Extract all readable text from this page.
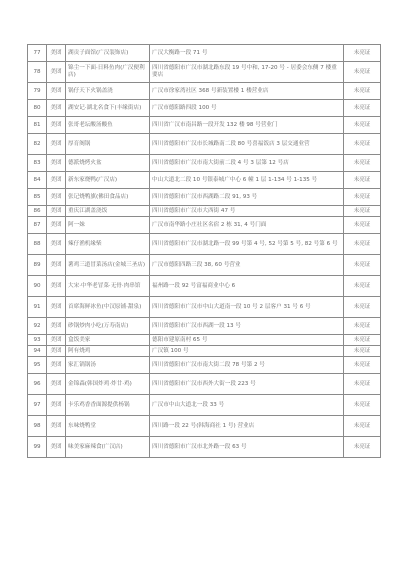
77	美团	湖贡子面馆(广汉装饰店)	广汉大衡路一段 71 号	未亮证
78	美团	锦尘一下面·日料鱼肉(广汉便利店)	四川省德阳市广汉市湖北路东段 19 号中和, 17-20 号 - 居委会东侧 7 楼重要店	未亮证
79	美团	锅仔天下火锅盖浇	广汉市徐家湾社区 368 号新装置楼 1 楼营业店	未亮证
80	美团	湖安记·湖北名食下(丰缘街店)	广汉市德阳路四段 100 号	未亮证
81	美团	张哥老坛酸汤酸鱼	四川省广汉市南昌路一段开发 132 楼 98 号营业门	未亮证
82	美团	厚育阁锅	四川省德阳市广汉市长城路南二段 80 号喜福饭店 3 层交通业营	未亮证
83	美团	德派烧烤火盆	四川省德阳市广汉市南大街前二段 4 号 3 层第 12 号店	未亮证
84	美团	新东家烧鸭(广汉店)	中山大道北二段 10 号银泰城广中心 6 幢 1 层 1-134 号 1-135 号	未亮证
85	美团	张记烧鸭旗(佛田食品店)	四川省德阳市广汉市西湖路二段 91, 93 号	未亮证
86	美团	重庆江湖盖浇饭	四川省德阳市广汉市大西街 47 号	未亮证
87	美团	阿一妹	广汉市南华路小庄社区名宿 2 栋 31, 4 号门面	未亮证
88	美团	辣仔渔机缘柴	四川省德阳市广汉市湖北路一段 99 号第 4 号, 52 号第 5 号, 82 号第 6 号	未亮证
89	美团	薯鸡三道冒菜汤店(金城三圣店)	广汉市德阳四路三段 38, 60 号营业	未亮证
90	美团	大宋·中华老冒菜·无骨·肉串馆	福州路一段 92 号富福商业中心 6	未亮证
91	美团	首席海鲜冰鱼(中汉原铺·甜泉)	四川省德阳市广汉市中山大道南一段 10 号 2 层客户 31 号 6 号	未亮证
92	美团	砂锅炒肉小吃(万寿南店)	四川省德阳市广汉市西湖一段 13 号	未亮证
93	美团	盒饭美家	德阳市建原南村 65 号	未亮证
94	美团	阿有烧鸡	广汉镇 100 号	未亮证
95	美团	家汇锅锅汤	四川省德阳市广汉市南大街二段 78 号第 2 号	未亮证
96	美团	金锦森(韩国炸鸡·炸廿·鸡)	四川省德阳市广汉市西外大街一段 223 号	未亮证
97	美团	卡乐鸡香香面源提供杨锅	广汉市中山大道北一段 33 号	未亮证
98	美团	东味烧鸭堂	四川路一段 22 号(韩海商社 1 号) 营业店	未亮证
99	美团	味美家麻辣食(广汉店)	四川省德阳市广汉市北外路一段 63 号	未亮证
